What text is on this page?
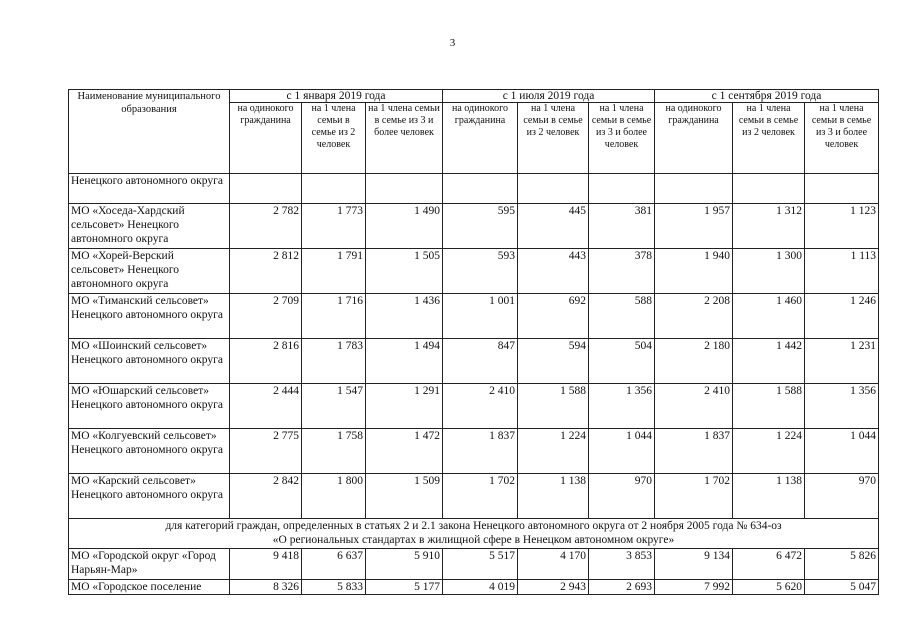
3
Наименование муниципального образования	с 1 января 2019 года			с 1 июля 2019 года			с 1 сентября 2019 года		
	на одинокого гражданина	на 1 члена семьи в семье из 2 человек	на 1 члена семьи в семье из 3 и более человек	на одинокого гражданина	на 1 члена семьи в семье из 2 человек	на 1 члена семьи в семье из 3 и более человек	на одинокого гражданина	на 1 члена семьи в семье из 2 человек	на 1 члена семьи в семье из 3 и более человек
Ненецкого автономного округа									
МО «Хоседа-Хардский сельсовет» Ненецкого автономного округа	2 782	1 773	1 490	595	445	381	1 957	1 312	1 123
МО «Хорей-Верский сельсовет» Ненецкого автономного округа	2 812	1 791	1 505	593	443	378	1 940	1 300	1 113
МО «Тиманский сельсовет» Ненецкого автономного округа	2 709	1 716	1 436	1 001	692	588	2 208	1 460	1 246
МО «Шоинский сельсовет» Ненецкого автономного округа	2 816	1 783	1 494	847	594	504	2 180	1 442	1 231
МО «Юшарский сельсовет» Ненецкого автономного округа	2 444	1 547	1 291	2 410	1 588	1 356	2 410	1 588	1 356
МО «Колгуевский сельсовет» Ненецкого автономного округа	2 775	1 758	1 472	1 837	1 224	1 044	1 837	1 224	1 044
МО «Карский сельсовет» Ненецкого автономного округа	2 842	1 800	1 509	1 702	1 138	970	1 702	1 138	970

для категорий граждан, определенных в статьях 2 и 2.1 закона Ненецкого автономного округа от 2 ноября 2005 года № 634-оз
«О региональных стандартах в жилищной сфере в Ненецком автономном округе»									

МО «Городской округ «Город Нарьян-Мар»	9 418	6 637	5 910	5 517	4 170	3 853	9 134	6 472	5 826
МО «Городское поселение	8 326	5 833	5 177	4 019	2 943	2 693	7 992	5 620	5 047
